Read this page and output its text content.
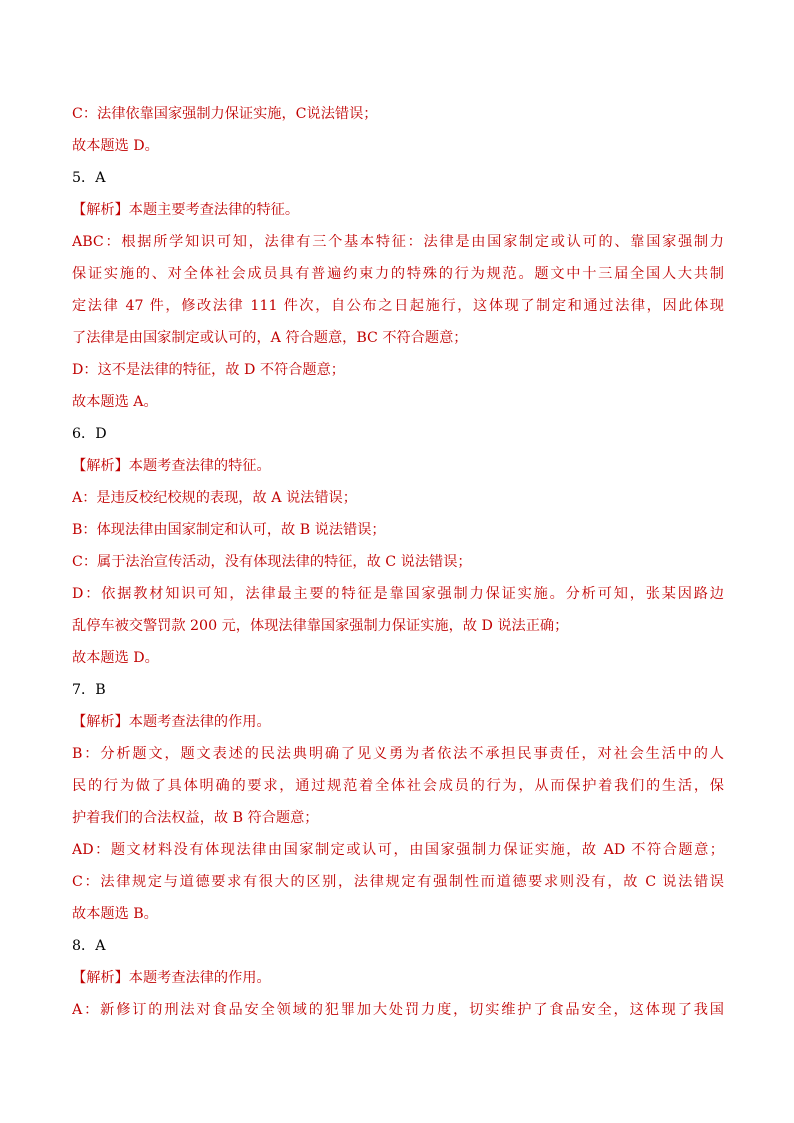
C：法律依靠国家强制力保证实施，C说法错误；
故本题选 D。
5．A
【解析】本题主要考查法律的特征。
ABC：根据所学知识可知，法律有三个基本特征：法律是由国家制定或认可的、靠国家强制力
保证实施的、对全体社会成员具有普遍约束力的特殊的行为规范。题文中十三届全国人大共制
定法律 47 件，修改法律 111 件次，自公布之日起施行，这体现了制定和通过法律，因此体现
了法律是由国家制定或认可的，A 符合题意，BC 不符合题意；
D：这不是法律的特征，故 D 不符合题意；
故本题选 A。
6．D
【解析】本题考查法律的特征。
A：是违反校纪校规的表现，故 A 说法错误；
B：体现法律由国家制定和认可，故 B 说法错误；
C：属于法治宣传活动，没有体现法律的特征，故 C 说法错误；
D：依据教材知识可知，法律最主要的特征是靠国家强制力保证实施。分析可知，张某因路边
乱停车被交警罚款 200 元，体现法律靠国家强制力保证实施，故 D 说法正确；
故本题选 D。
7．B
【解析】本题考查法律的作用。
B：分析题文，题文表述的民法典明确了见义勇为者依法不承担民事责任，对社会生活中的人
民的行为做了具体明确的要求，通过规范着全体社会成员的行为，从而保护着我们的生活，保
护着我们的合法权益，故 B 符合题意；
AD：题文材料没有体现法律由国家制定或认可，由国家强制力保证实施，故 AD 不符合题意；
C：法律规定与道德要求有很大的区别，法律规定有强制性而道德要求则没有，故 C 说法错误
故本题选 B。
8．A
【解析】本题考查法律的作用。
A：新修订的刑法对食品安全领域的犯罪加大处罚力度，切实维护了食品安全，这体现了我国
